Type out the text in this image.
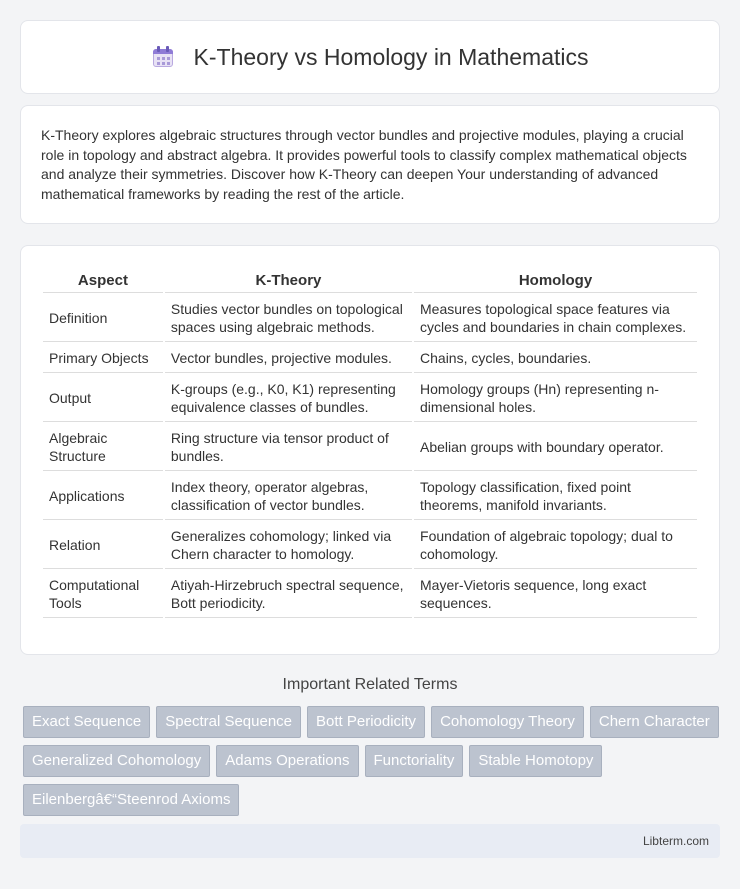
K-Theory vs Homology in Mathematics

K-Theory explores algebraic structures through vector bundles and projective modules, playing a crucial role in topology and abstract algebra. It provides powerful tools to classify complex mathematical objects and analyze their symmetries. Discover how K-Theory can deepen Your understanding of advanced mathematical frameworks by reading the rest of the article.

Aspect	K-Theory	Homology
Definition	Studies vector bundles on topological spaces using algebraic methods.	Measures topological space features via cycles and boundaries in chain complexes.
Primary Objects	Vector bundles, projective modules.	Chains, cycles, boundaries.
Output	K-groups (e.g., K0, K1) representing equivalence classes of bundles.	Homology groups (Hn) representing n-dimensional holes.
Algebraic Structure	Ring structure via tensor product of bundles.	Abelian groups with boundary operator.
Applications	Index theory, operator algebras, classification of vector bundles.	Topology classification, fixed point theorems, manifold invariants.
Relation	Generalizes cohomology; linked via Chern character to homology.	Foundation of algebraic topology; dual to cohomology.
Computational Tools	Atiyah-Hirzebruch spectral sequence, Bott periodicity.	Mayer-Vietoris sequence, long exact sequences.
Important Related Terms
Exact Sequence	Spectral Sequence	Bott Periodicity	Cohomology Theory	Chern Character
Generalized Cohomology	Adams Operations	Functoriality	Stable Homotopy
Eilenbergâ€“Steenrod Axioms
Libterm.com
